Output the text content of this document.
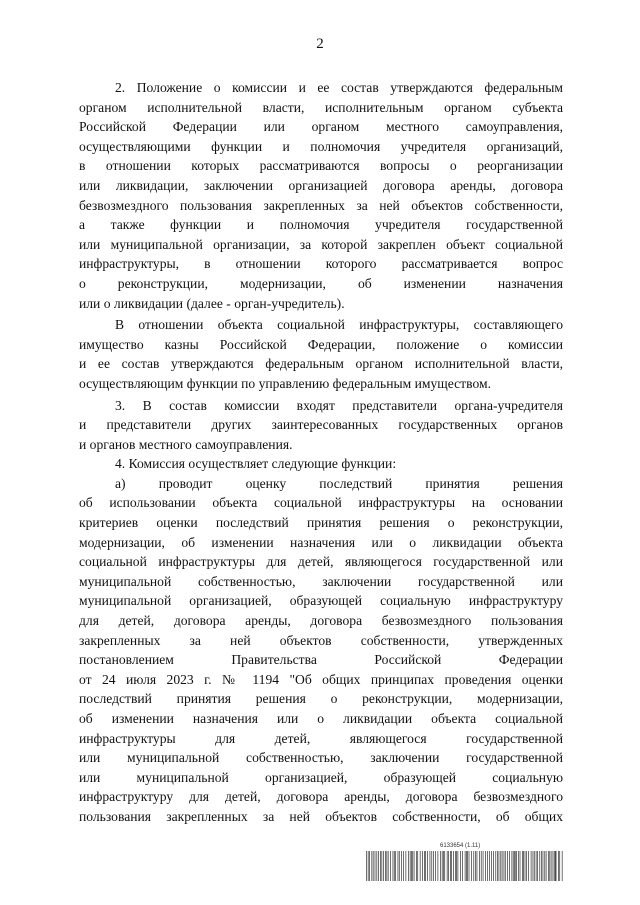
2
2. Положение о комиссии и ее состав утверждаются федеральным
органом исполнительной власти, исполнительным органом субъекта
Российской Федерации или органом местного самоуправления,
осуществляющими функции и полномочия учредителя организаций,
в отношении которых рассматриваются вопросы о реорганизации
или ликвидации, заключении организацией договора аренды, договора
безвозмездного пользования закрепленных за ней объектов собственности,
а также функции и полномочия учредителя государственной
или муниципальной организации, за которой закреплен объект социальной
инфраструктуры, в отношении которого рассматривается вопрос
о реконструкции, модернизации, об изменении назначения
или о ликвидации (далее - орган-учредитель).
В отношении объекта социальной инфраструктуры, составляющего
имущество казны Российской Федерации, положение о комиссии
и ее состав утверждаются федеральным органом исполнительной власти,
осуществляющим функции по управлению федеральным имуществом.
3. В состав комиссии входят представители органа-учредителя
и представители других заинтересованных государственных органов
и органов местного самоуправления.
4. Комиссия осуществляет следующие функции:
а) проводит оценку последствий принятия решения
об использовании объекта социальной инфраструктуры на основании
критериев оценки последствий принятия решения о реконструкции,
модернизации, об изменении назначения или о ликвидации объекта
социальной инфраструктуры для детей, являющегося государственной или
муниципальной собственностью, заключении государственной или
муниципальной организацией, образующей социальную инфраструктуру
для детей, договора аренды, договора безвозмездного пользования
закрепленных за ней объектов собственности, утвержденных
постановлением Правительства Российской Федерации
от 24 июля 2023 г. № 1194 "Об общих принципах проведения оценки
последствий принятия решения о реконструкции, модернизации,
об изменении назначения или о ликвидации объекта социальной
инфраструктуры для детей, являющегося государственной
или муниципальной собственностью, заключении государственной
или муниципальной организацией, образующей социальную
инфраструктуру для детей, договора аренды, договора безвозмездного
пользования закрепленных за ней объектов собственности, об общих
6133654 (1.11)
